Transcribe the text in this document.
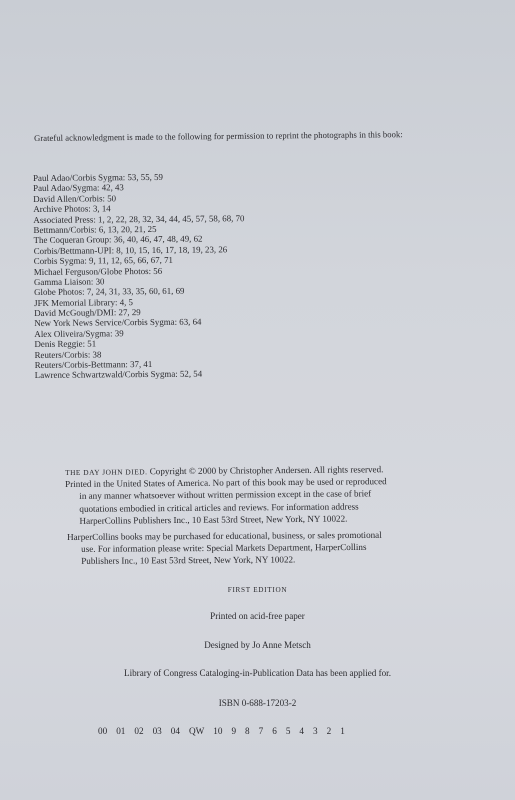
Grateful acknowledgment is made to the following for permission to reprint the photographs in this book:
Paul Adao/Corbis Sygma: 53, 55, 59
Paul Adao/Sygma: 42, 43
David Allen/Corbis: 50
Archive Photos: 3, 14
Associated Press: 1, 2, 22, 28, 32, 34, 44, 45, 57, 58, 68, 70
Bettmann/Corbis: 6, 13, 20, 21, 25
The Coqueran Group: 36, 40, 46, 47, 48, 49, 62
Corbis/Bettmann-UPI: 8, 10, 15, 16, 17, 18, 19, 23, 26
Corbis Sygma: 9, 11, 12, 65, 66, 67, 71
Michael Ferguson/Globe Photos: 56
Gamma Liaison: 30
Globe Photos: 7, 24, 31, 33, 35, 60, 61, 69
JFK Memorial Library: 4, 5
David McGough/DMI: 27, 29
New York News Service/Corbis Sygma: 63, 64
Alex Oliveira/Sygma: 39
Denis Reggie: 51
Reuters/Corbis: 38
Reuters/Corbis-Bettmann: 37, 41
Lawrence Schwartzwald/Corbis Sygma: 52, 54
THE DAY JOHN DIED. Copyright © 2000 by Christopher Andersen. All rights reserved.
Printed in the United States of America. No part of this book may be used or reproduced
in any manner whatsoever without written permission except in the case of brief
quotations embodied in critical articles and reviews. For information address
HarperCollins Publishers Inc., 10 East 53rd Street, New York, NY 10022.
HarperCollins books may be purchased for educational, business, or sales promotional
use. For information please write: Special Markets Department, HarperCollins
Publishers Inc., 10 East 53rd Street, New York, NY 10022.
FIRST EDITION
Printed on acid-free paper
Designed by Jo Anne Metsch
Library of Congress Cataloging-in-Publication Data has been applied for.
ISBN 0-688-17203-2
00 01 02 03 04 QW 10 9 8 7 6 5 4 3 2 1
